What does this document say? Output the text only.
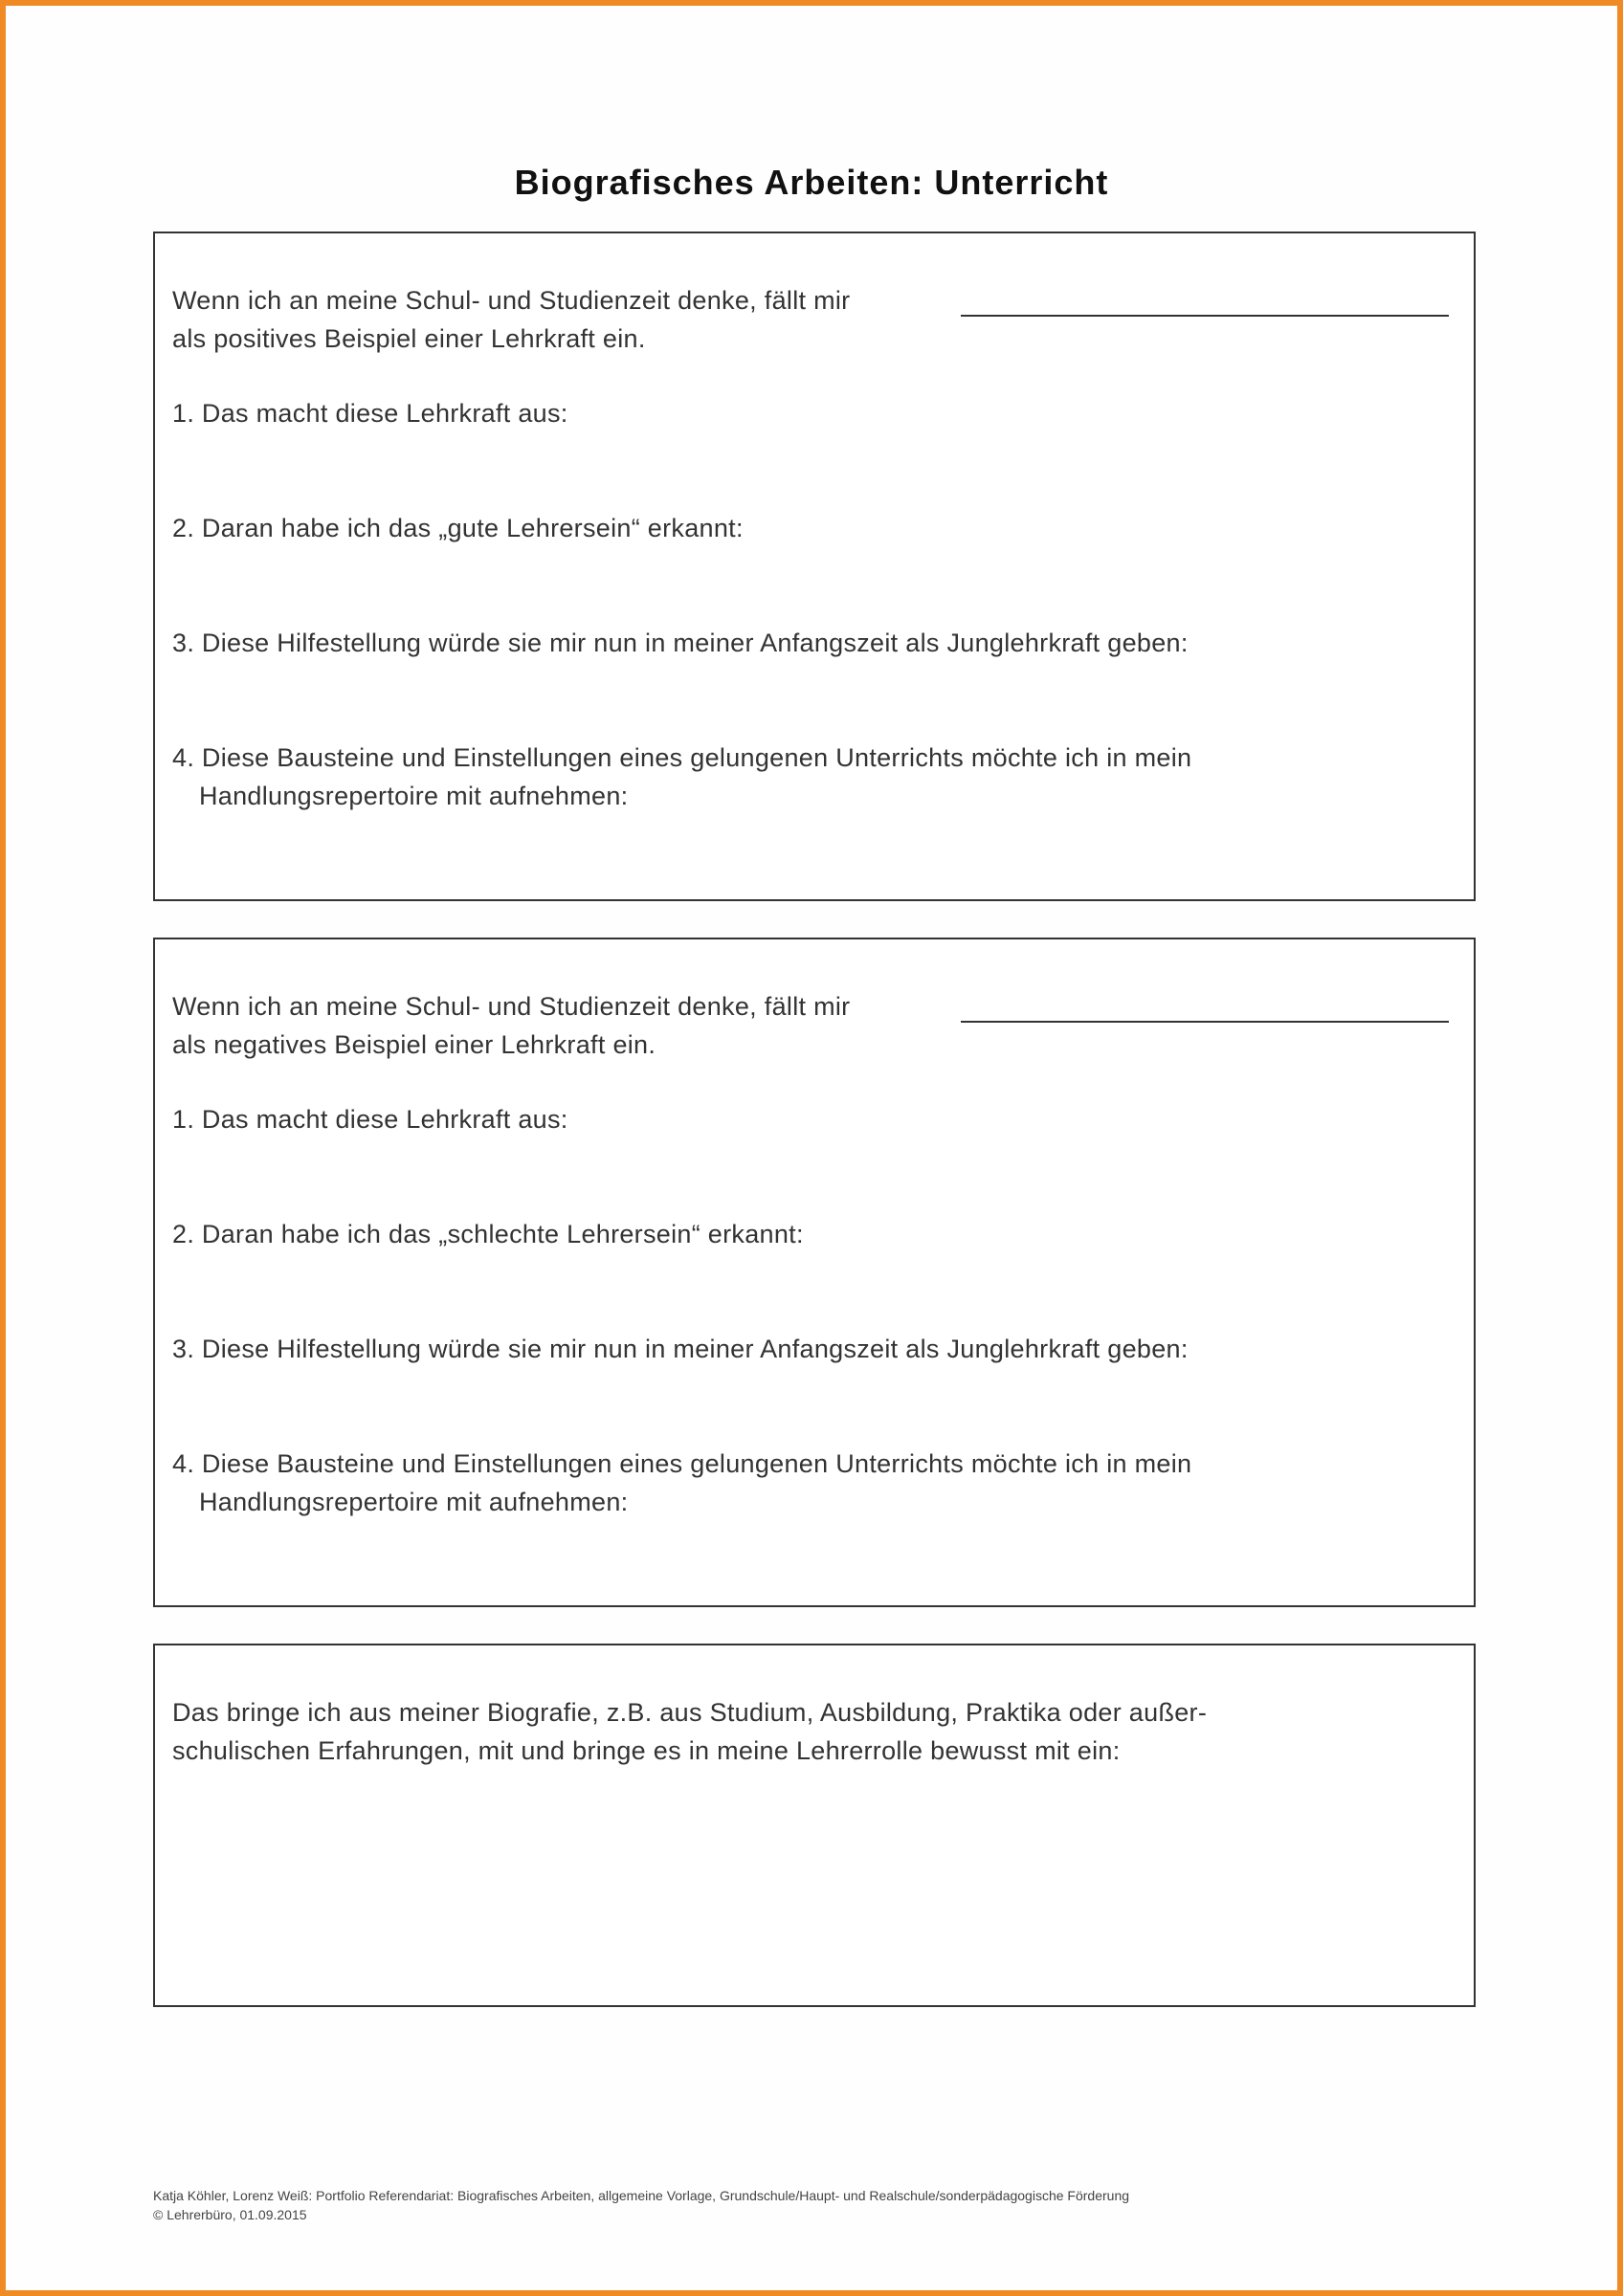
Biografisches Arbeiten: Unterricht
Wenn ich an meine Schul- und Studienzeit denke, fällt mir
als positives Beispiel einer Lehrkraft ein.
1. Das macht diese Lehrkraft aus:
2. Daran habe ich das „gute Lehrersein“ erkannt:
3. Diese Hilfestellung würde sie mir nun in meiner Anfangszeit als Junglehrkraft geben:
4. Diese Bausteine und Einstellungen eines gelungenen Unterrichts möchte ich in mein
Handlungsrepertoire mit aufnehmen:
Wenn ich an meine Schul- und Studienzeit denke, fällt mir
als negatives Beispiel einer Lehrkraft ein.
1. Das macht diese Lehrkraft aus:
2. Daran habe ich das „schlechte Lehrersein“ erkannt:
3. Diese Hilfestellung würde sie mir nun in meiner Anfangszeit als Junglehrkraft geben:
4. Diese Bausteine und Einstellungen eines gelungenen Unterrichts möchte ich in mein
Handlungsrepertoire mit aufnehmen:
Das bringe ich aus meiner Biografie, z.B. aus Studium, Ausbildung, Praktika oder außer-
schulischen Erfahrungen, mit und bringe es in meine Lehrerrolle bewusst mit ein:
Katja Köhler, Lorenz Weiß: Portfolio Referendariat: Biografisches Arbeiten, allgemeine Vorlage, Grundschule/Haupt- und Realschule/sonderpädagogische Förderung
© Lehrerbüro, 01.09.2015
